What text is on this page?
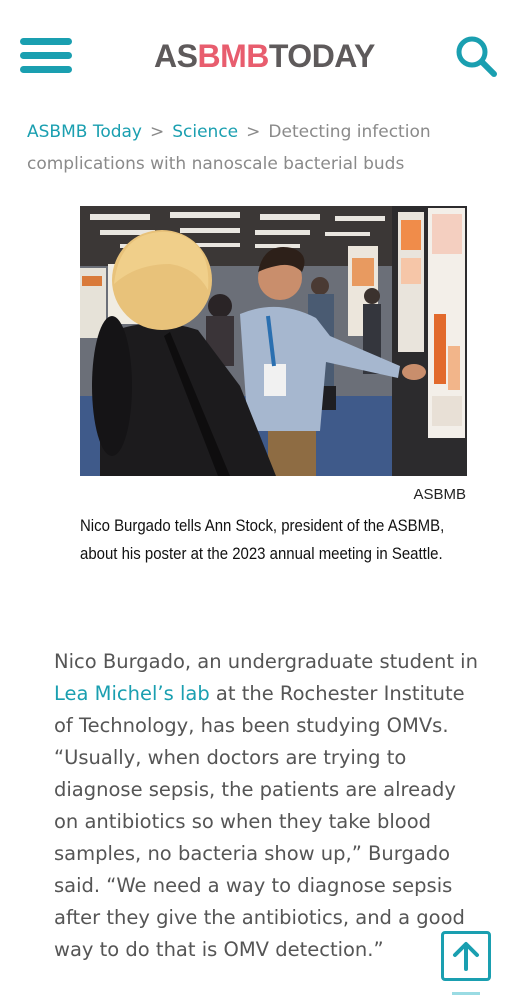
ASBMBTODAY
ASBMB Today > Science > Detecting infection complications with nanoscale bacterial buds
ASBMB
Nico Burgado tells Ann Stock, president of the ASBMB, about his poster at the 2023 annual meeting in Seattle.

Nico Burgado, an undergraduate student in Lea Michel’s lab at the Rochester Institute of Technology, has been studying OMVs. “Usually, when doctors are trying to diagnose sepsis, the patients are already on antibiotics so when they take blood samples, no bacteria show up,” Burgado said. “We need a way to diagnose sepsis after they give the antibiotics, and a good way to do that is OMV detection.”
